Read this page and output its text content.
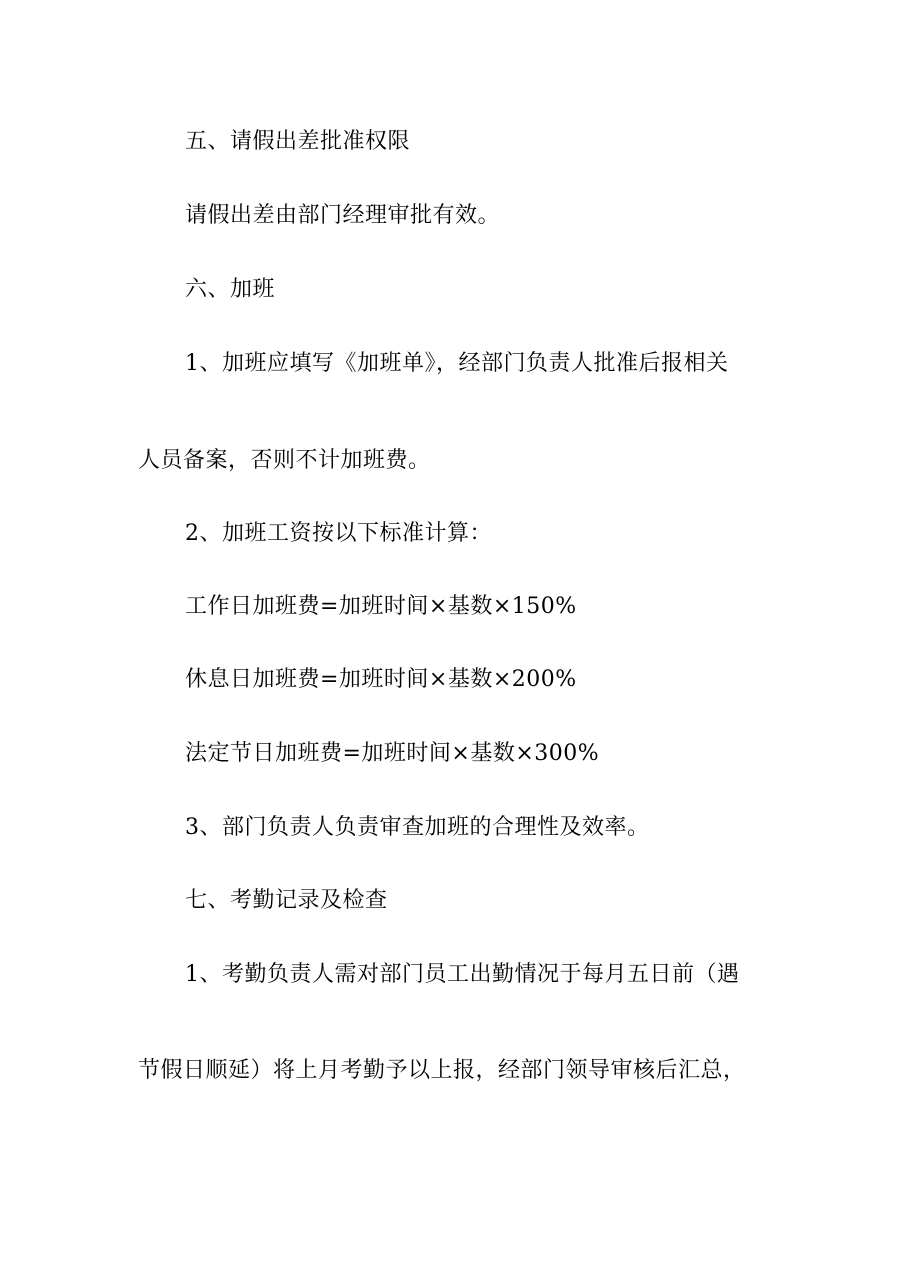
五、请假出差批准权限
请假出差由部门经理审批有效。
六、加班
1、加班应填写《加班单》，经部门负责人批准后报相关
人员备案，否则不计加班费。
2、加班工资按以下标准计算：
工作日加班费=加班时间×基数×150%
休息日加班费=加班时间×基数×200%
法定节日加班费=加班时间×基数×300%
3、部门负责人负责审查加班的合理性及效率。
七、考勤记录及检查
1、考勤负责人需对部门员工出勤情况于每月五日前（遇
节假日顺延）将上月考勤予以上报，经部门领导审核后汇总，
